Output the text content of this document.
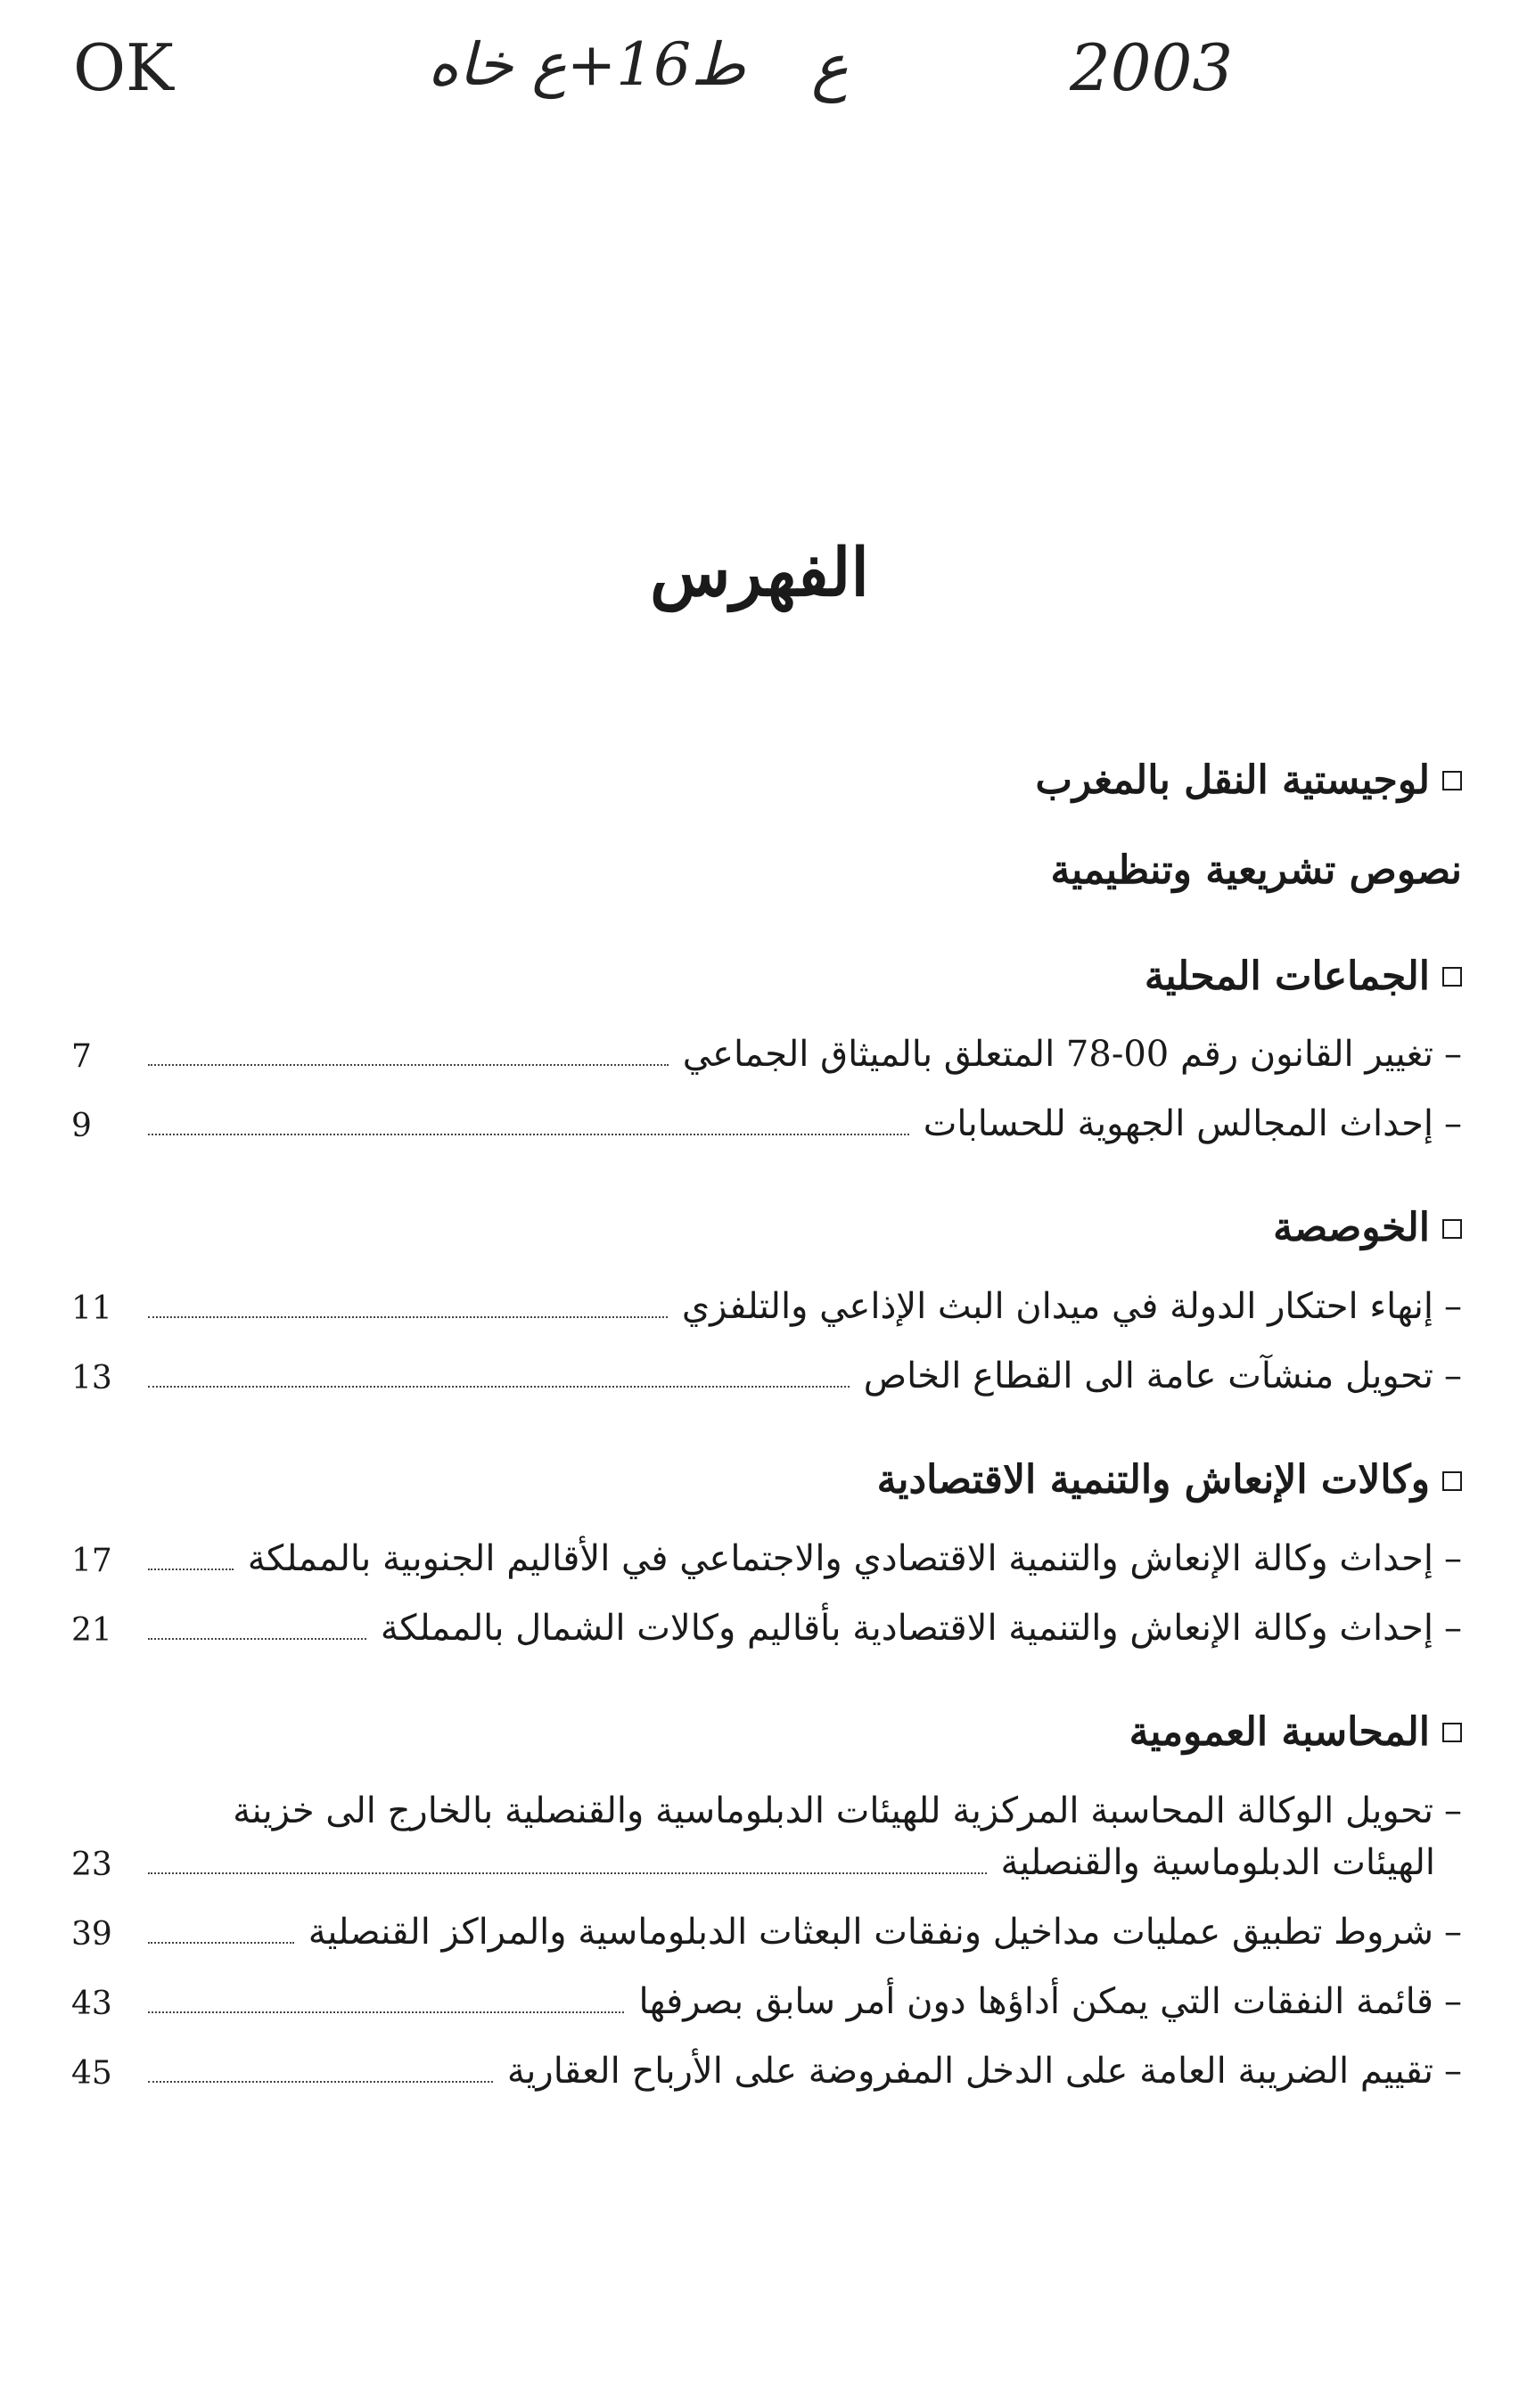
OK	ط16+ع خاه ع	2003
الفهرس
لوجيستية النقل بالمغرب
نصوص تشريعية وتنظيمية
الجماعات المحلية
–
تغيير القانون رقم 00-78 المتعلق بالميثاق الجماعي
7
–
إحداث المجالس الجهوية للحسابات
9
الخوصصة
–
إنهاء احتكار الدولة في ميدان البث الإذاعي والتلفزي
11
–
تحويل منشآت عامة الى القطاع الخاص
13
وكالات الإنعاش والتنمية الاقتصادية
–
إحداث وكالة الإنعاش والتنمية الاقتصادي والاجتماعي في الأقاليم الجنوبية بالمملكة
17
–
إحداث وكالة الإنعاش والتنمية الاقتصادية بأقاليم وكالات الشمال بالمملكة
21
المحاسبة العمومية
–
تحويل الوكالة المحاسبة المركزية للهيئات الدبلوماسية والقنصلية بالخارج الى خزينة
الهيئات الدبلوماسية والقنصلية
23
–
شروط تطبيق عمليات مداخيل ونفقات البعثات الدبلوماسية والمراكز القنصلية
39
–
قائمة النفقات التي يمكن أداؤها دون أمر سابق بصرفها
43
–
تقييم الضريبة العامة على الدخل المفروضة على الأرباح العقارية
45
